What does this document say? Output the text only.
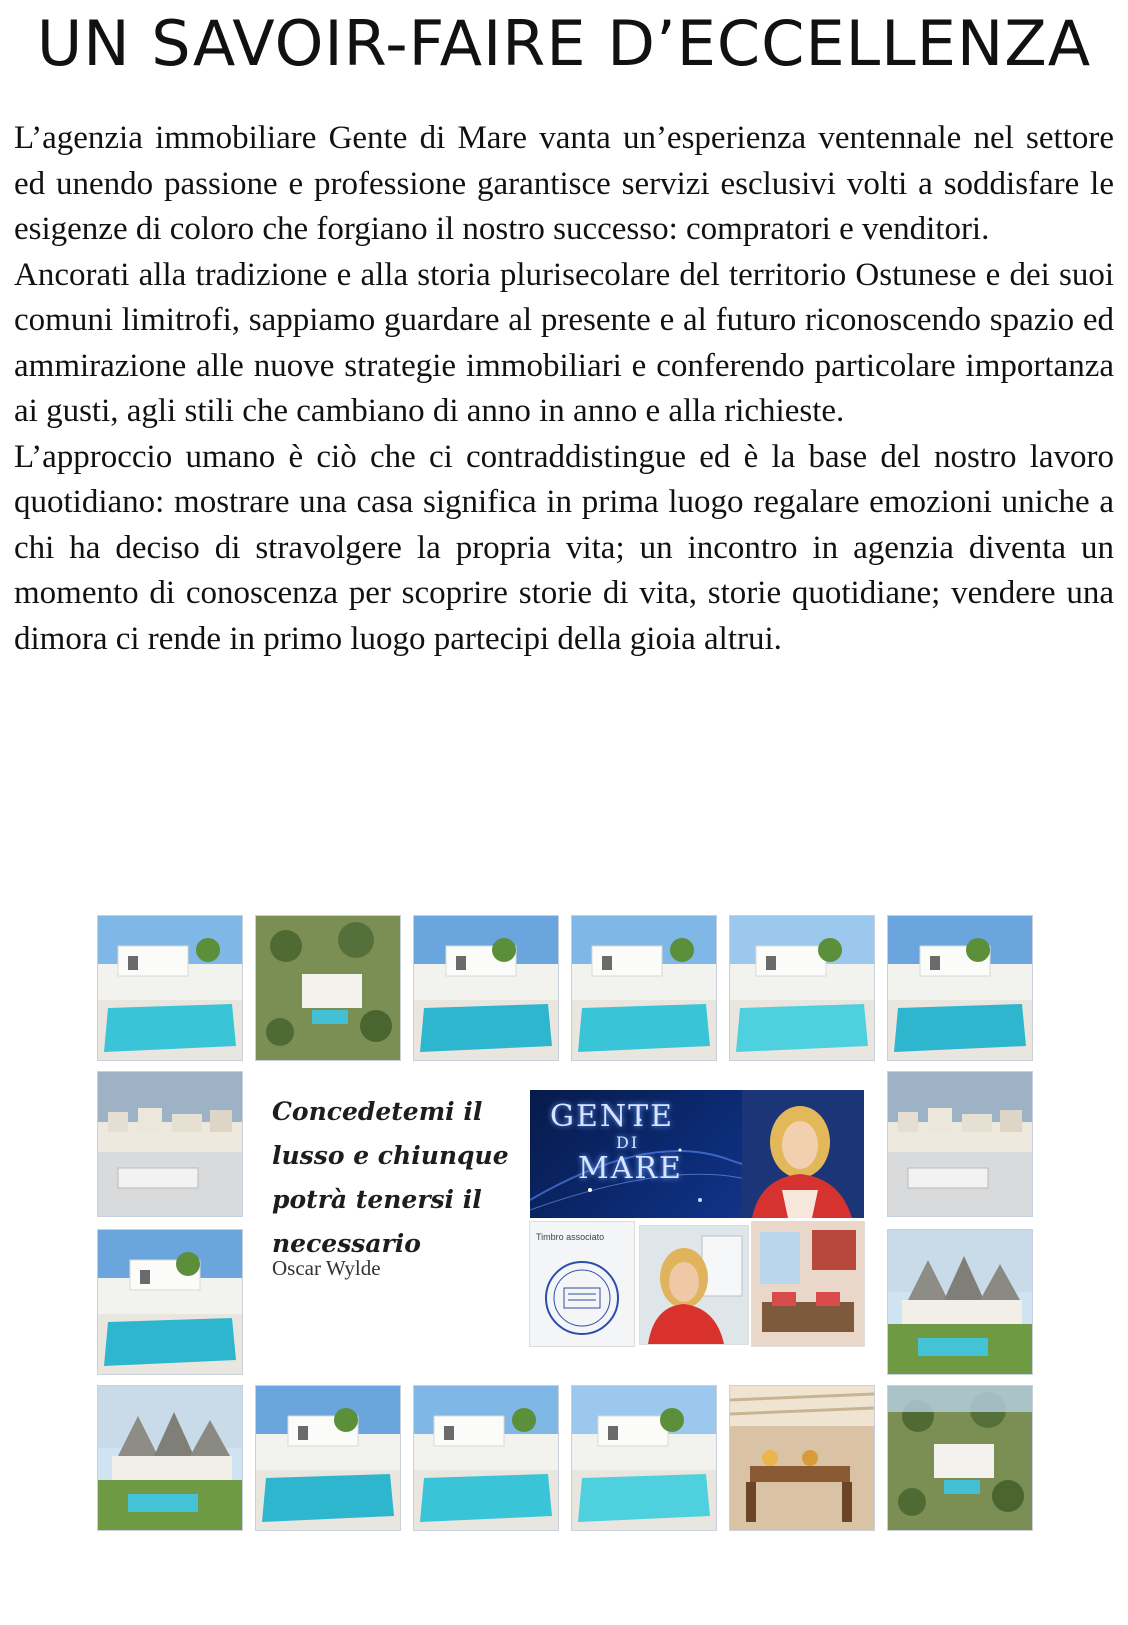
UN SAVOIR-FAIRE D’ECCELLENZA

L’agenzia immobiliare Gente di Mare vanta un’esperienza ventennale nel settore ed unendo passione e professione garantisce servizi esclusivi volti a soddisfare le esigenze di coloro che forgiano il nostro successo: compratori e venditori.

Ancorati alla tradizione e alla storia plurisecolare del territorio Ostunese e dei suoi comuni limitrofi, sappiamo guardare al presente e al futuro riconoscendo spazio ed ammirazione alle nuove strategie immobiliari e conferendo particolare importanza ai gusti, agli stili che cambiano di anno in anno e alla richieste.

L’approccio umano è ciò che ci contraddistingue ed è la base del nostro lavoro quotidiano: mostrare una casa significa in prima luogo regalare emozioni uniche a chi ha deciso di stravolgere la propria vita; un incontro in agenzia diventa un momento di conoscenza per scoprire storie di vita, storie quotidiane; vendere una dimora ci rende in primo luogo partecipi della gioia altrui.

Concedetemi il lusso e chiunque potrà tenersi il necessario
Oscar Wylde
GENTE
DI
MARE
Timbro associato
